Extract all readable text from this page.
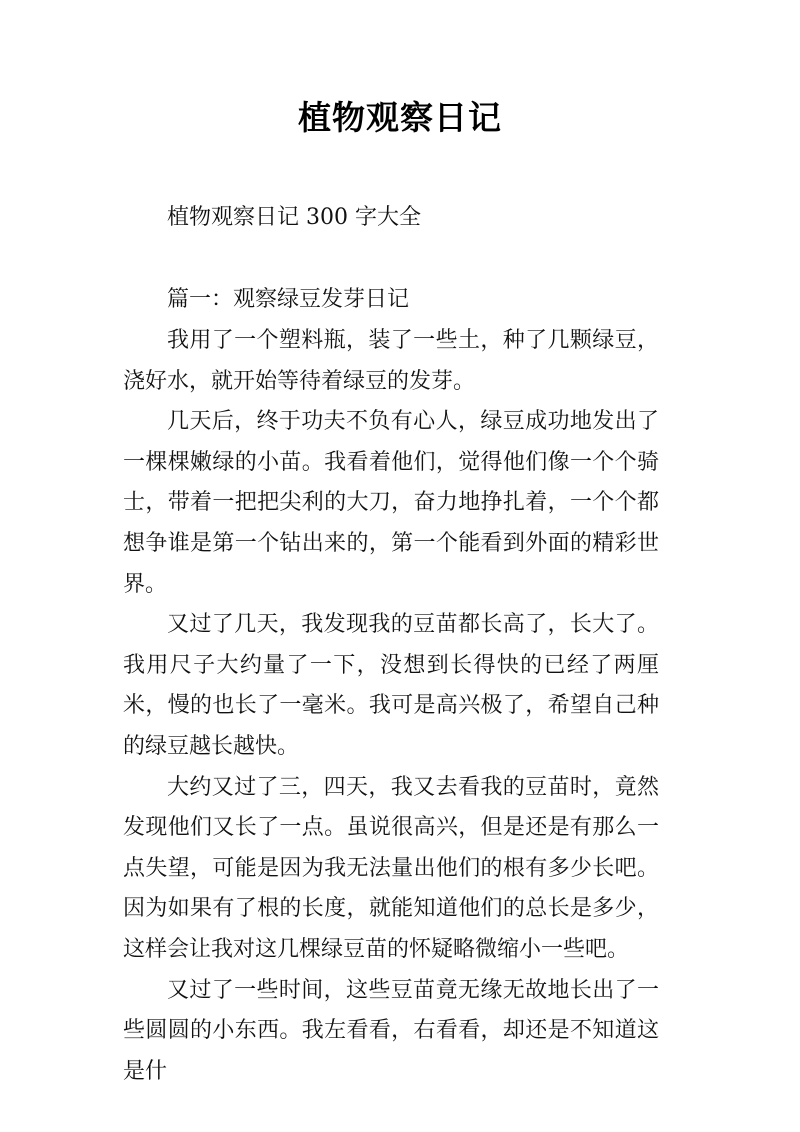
植物观察日记
植物观察日记 300 字大全
篇一：观察绿豆发芽日记

我用了一个塑料瓶，装了一些土，种了几颗绿豆，浇好水，就开始等待着绿豆的发芽。

几天后，终于功夫不负有心人，绿豆成功地发出了一棵棵嫩绿的小苗。我看着他们，觉得他们像一个个骑士，带着一把把尖利的大刀，奋力地挣扎着，一个个都想争谁是第一个钻出来的，第一个能看到外面的精彩世界。

又过了几天，我发现我的豆苗都长高了，长大了。我用尺子大约量了一下，没想到长得快的已经了两厘米，慢的也长了一毫米。我可是高兴极了，希望自己种的绿豆越长越快。

大约又过了三，四天，我又去看我的豆苗时，竟然发现他们又长了一点。虽说很高兴，但是还是有那么一点失望，可能是因为我无法量出他们的根有多少长吧。因为如果有了根的长度，就能知道他们的总长是多少，这样会让我对这几棵绿豆苗的怀疑略微缩小一些吧。

又过了一些时间，这些豆苗竟无缘无故地长出了一些圆圆的小东西。我左看看，右看看，却还是不知道这是什
